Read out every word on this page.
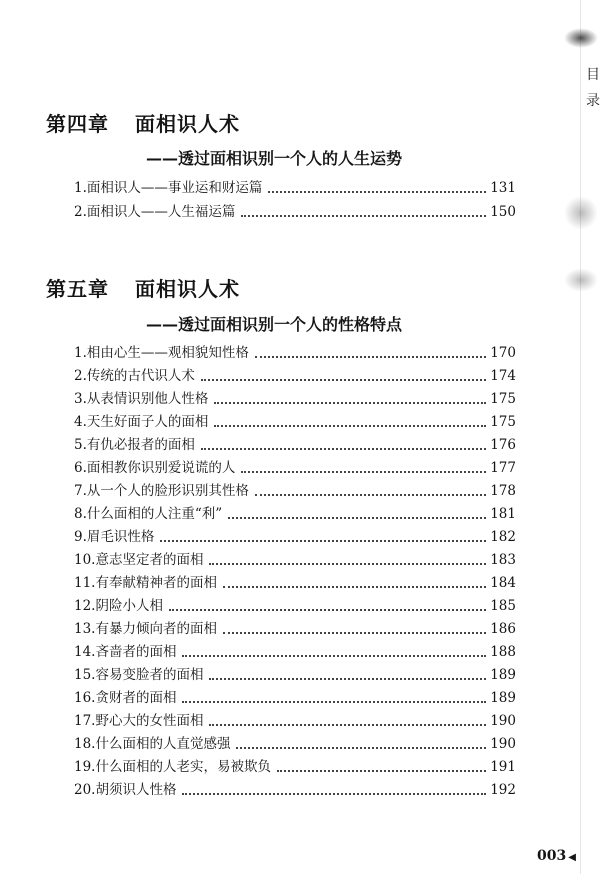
目
录
第四章 面相识人术
——透过面相识别一个人的人生运势
1.面相识人——事业运和财运篇	131
2.面相识人——人生福运篇	150
第五章 面相识人术
——透过面相识别一个人的性格特点
1.相由心生——观相貌知性格	170
2.传统的古代识人术	174
3.从表情识别他人性格	175
4.天生好面子人的面相	175
5.有仇必报者的面相	176
6.面相教你识别爱说谎的人	177
7.从一个人的脸形识别其性格	178
8.什么面相的人注重“利”	181
9.眉毛识性格	182
10.意志坚定者的面相	183
11.有奉献精神者的面相	184
12.阴险小人相	185
13.有暴力倾向者的面相	186
14.吝啬者的面相	188
15.容易变脸者的面相	189
16.贪财者的面相	189
17.野心大的女性面相	190
18.什么面相的人直觉感强	190
19.什么面相的人老实，易被欺负	191
20.胡须识人性格	192
003 ◀
